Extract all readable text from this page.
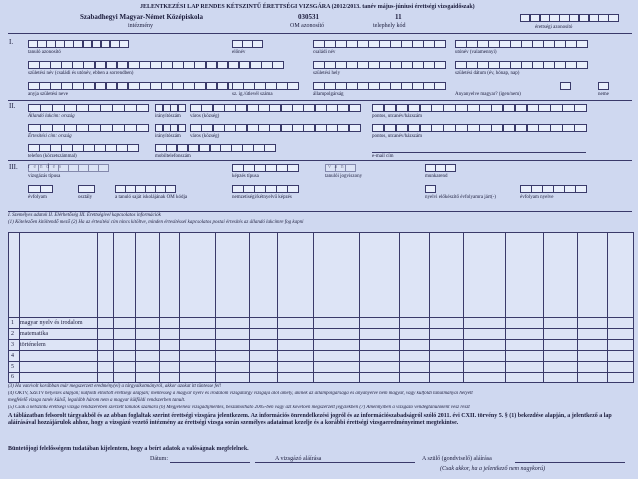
JELENTKEZÉSI LAP RENDES KÉTSZINTŰ ÉRETTSÉGI VIZSGÁRA (2012/2013. tanév május-júniusi érettségi vizsgaidőszak)
Szabadhegyi Magyar-Német Középiskola
intézmény
030531
OM azonosító
11
telephely kód	érettségi azonosító
I.
tanuló azonosító	előnév	családi név	utónév (valamennyi)
születési név (családi és utónév, ebben a sorrendben)	születési hely	születési dátum (év, hónap, nap)
anyja születési neve	sz. ig./útlevél száma	állampolgárság	Anyanyelve magyar? (igen/nem)	neme
II.
Állandó lakcím: ország	irányítószám város (község)	pontos, utcanév/házszám
Értesítési cím: ország	irányítószám város (község)	pontos, utcanév/házszám
telefon (körzetszámmal)	mobiltelefonszám	e-mail cím
III.
vizsgázás típusa	képzés típusa	tanulói jogviszony	munkarend
évfolyam	osztály	a tanuló saját iskolájának OM kódja	nemzetiségi/kétnyelvű képzés	nyelvi előkészítő évfolyamra járt(-)	évfolyam nyelve
I. Személyes adatok II. Elérhetőség III. Érettségivel kapcsolatos információk
(1) Kötelezően kitöltendő mező (2) Ha az értesítési cím nincs kitöltve, minden értesítéssel kapcsolatos postai értesítés az állandó lakcímre fog kapni
1 magyar nyelv és irodalom
2 matematika
3 történelem
4
5
6
(3) Ha van/volt korábban már megszerzett eredmény(ei) a tárgyalkotmányról, akkor azokat itt tüntesse fel!
(4) OKTV, SZÉTV helyezés alapján; külföldi eltöltött érettségi alapján; mentesség a magyar nyelv és irodalom vizsgatárgy vizsgája alól amely, akinek az állampolgársága és anyanyelve nem magyar, vagy külföldi tanulmányai helyett
megfelelő vizsga tanév külső, legalább három nem a magyar külföldi rendszerben tanult.
(5) Csak a kétszintű érettségi vizsga rendszerében szerzett tanulók számára (6) Megjelenési vizsgadíjmentes, beszámolható 2005-ben vagy azt követően megszerzett jegyzékben (7) Amennyiben a vizsgázó vendégtanulóként vesz részt
A táblázatban felsorolt tárgyakból és az abban foglaltak szerint érettségi vizsgára jelentkezem. Az információs önrendelkezési jogról és az információszabadságról szóló 2011. évi CXII. törvény 5. § (1) bekezdése alapján, a jelentkező a lap aláírásával hozzájárulok ahhoz, hogy a vizsgázó vezető intézmény az érettségi vizsga során személyes adataimat kezelje és a korábbi érettségi vizsgaeredményeimet megtekintse.
Büntetőjogi felelősségem tudatában kijelentem, hogy a beírt adatok a valóságnak megfelelnek.
Dátum:	A vizsgázó aláírása	A szülő (gondviselő) aláírása
(Csak akkor, ha a jelentkező nem nagykorú)
